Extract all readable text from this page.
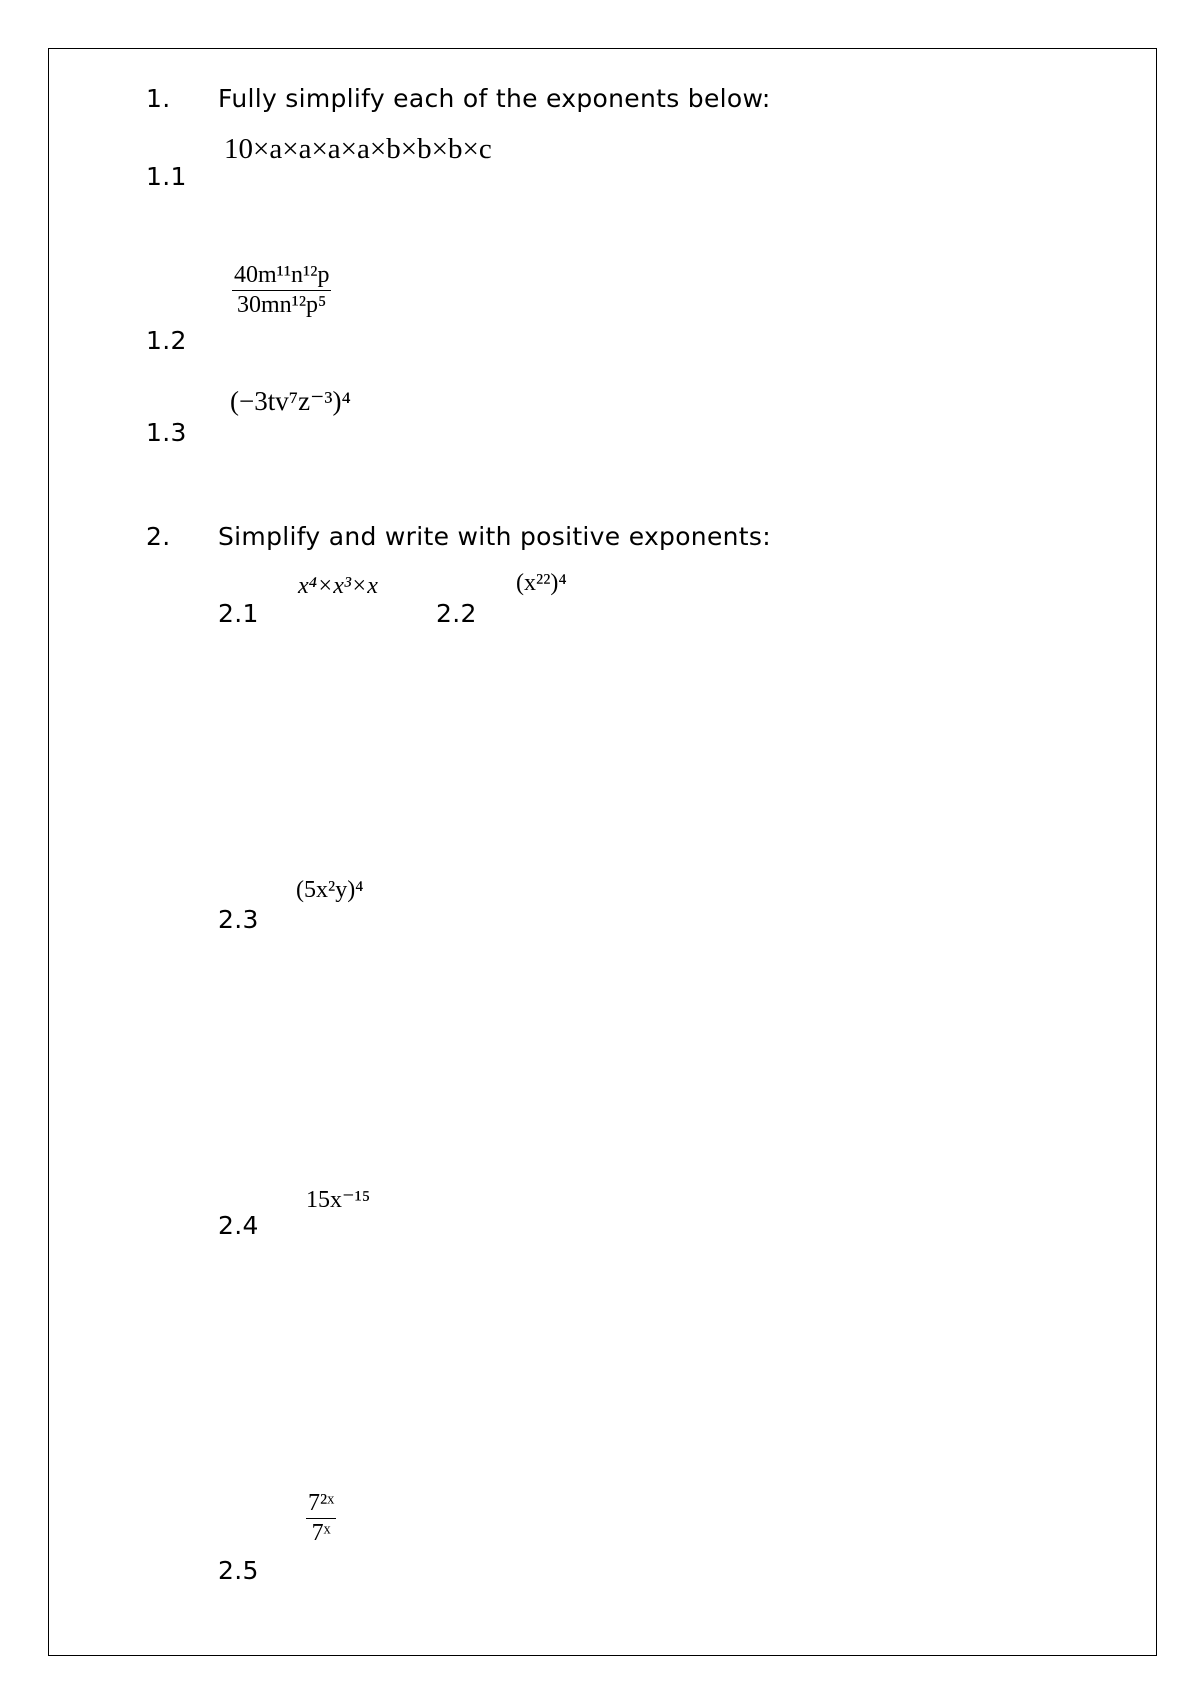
1. Fully simplify each of the exponents below:
1.1
10×a×a×a×a×b×b×b×c
1.2
$\frac{\text{40m¹¹n¹²p}}{\text{30mn¹²p⁵}}$
1.3
(−3tv⁷z⁻³)⁴
2. Simplify and write with positive exponents:
2.1
x⁴×x³×x
2.2
(x²²)⁴
2.3
(5x²y)⁴
2.4
15x⁻¹⁵
2.5
$\frac{\text{7²ˣ}}{\text{7ˣ}}$
